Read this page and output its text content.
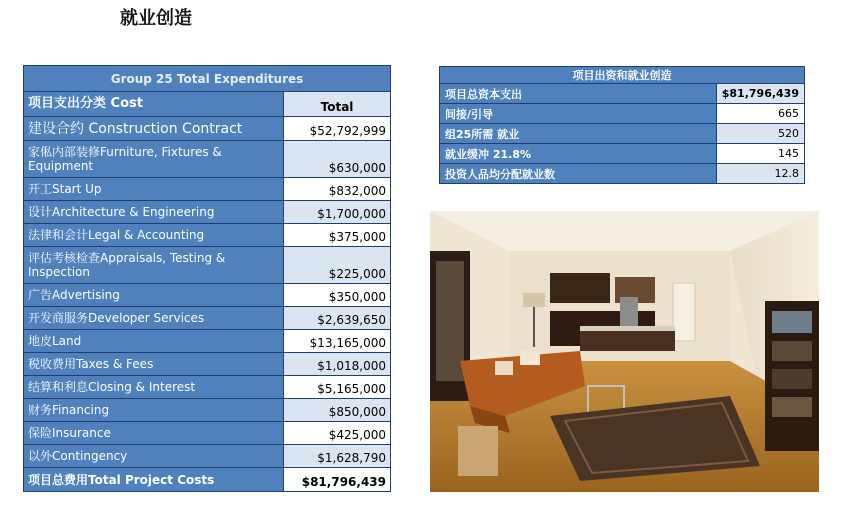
就业创造
Group 25 Total Expenditures	
项目支出分类 Cost	Total
建设合约 Construction Contract	$52,792,999
家俬内部装修Furniture, Fixtures & Equipment	$630,000
开工Start Up	$832,000
设计Architecture & Engineering	$1,700,000
法律和会计Legal & Accounting	$375,000
评估考核检查Appraisals, Testing & Inspection	$225,000
广告Advertising	$350,000
开发商服务Developer Services	$2,639,650
地皮Land	$13,165,000
税收费用Taxes & Fees	$1,018,000
结算和利息Closing & Interest	$5,165,000
财务Financing	$850,000
保险Insurance	$425,000
以外Contingency	$1,628,790
项目总费用Total Project Costs	$81,796,439
项目出资和就业创造	
项目总资本支出	$81,796,439
间接/引导	665
组25所需 就业	520
就业缓冲 21.8%	145
投资人品均分配就业数	12.8
